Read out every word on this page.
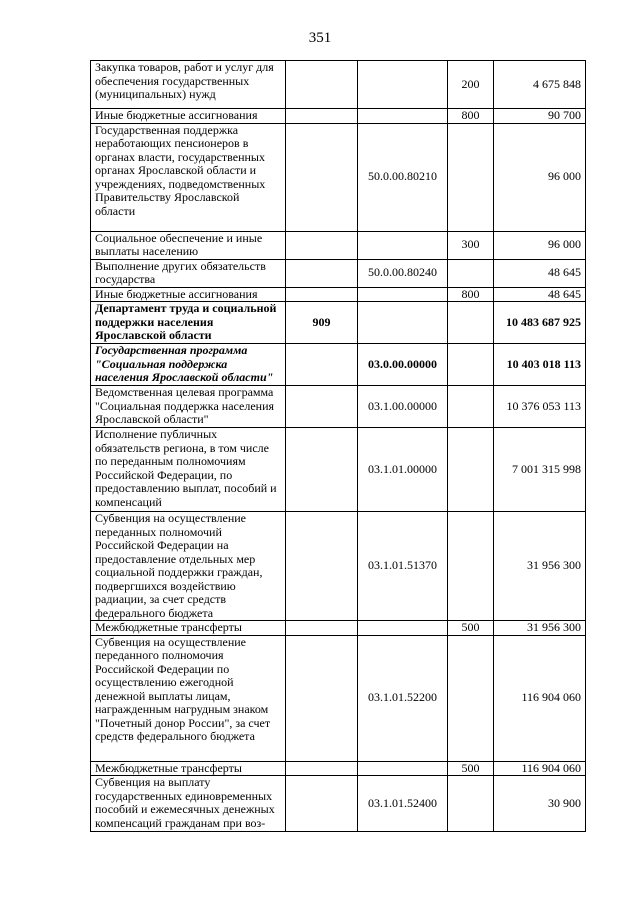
351
Закупка товаров, работ и услуг для обеспечения государственных (муниципальных) нужд			200	4 675 848
Иные бюджетные ассигнования			800	90 700
Государственная поддержка неработающих пенсионеров в органах власти, государственных органах Ярославской области и учреждениях, подведомственных Правительству Ярославской области		50.0.00.80210		96 000
Социальное обеспечение и иные выплаты населению			300	96 000
Выполнение других обязательств государства		50.0.00.80240		48 645
Иные бюджетные ассигнования			800	48 645
Департамент труда и социальной поддержки населения Ярославской области	909			10 483 687 925
Государственная программа "Социальная поддержка населения Ярославской области"		03.0.00.00000		10 403 018 113
Ведомственная целевая программа "Социальная поддержка населения Ярославской области"		03.1.00.00000		10 376 053 113
Исполнение публичных обязательств региона, в том числе по переданным полномочиям Российской Федерации, по предоставлению выплат, пособий и компенсаций		03.1.01.00000		7 001 315 998
Субвенция на осуществление переданных полномочий Российской Федерации на предоставление отдельных мер социальной поддержки граждан, подвергшихся воздействию радиации, за счет средств федерального бюджета		03.1.01.51370		31 956 300
Межбюджетные трансферты			500	31 956 300
Субвенция на осуществление переданного полномочия Российской Федерации по осуществлению ежегодной денежной выплаты лицам, награжденным нагрудным знаком "Почетный донор России", за счет средств федерального бюджета		03.1.01.52200		116 904 060
Межбюджетные трансферты			500	116 904 060
Субвенция на выплату государственных единовременных пособий и ежемесячных денежных компенсаций гражданам при воз-		03.1.01.52400		30 900
